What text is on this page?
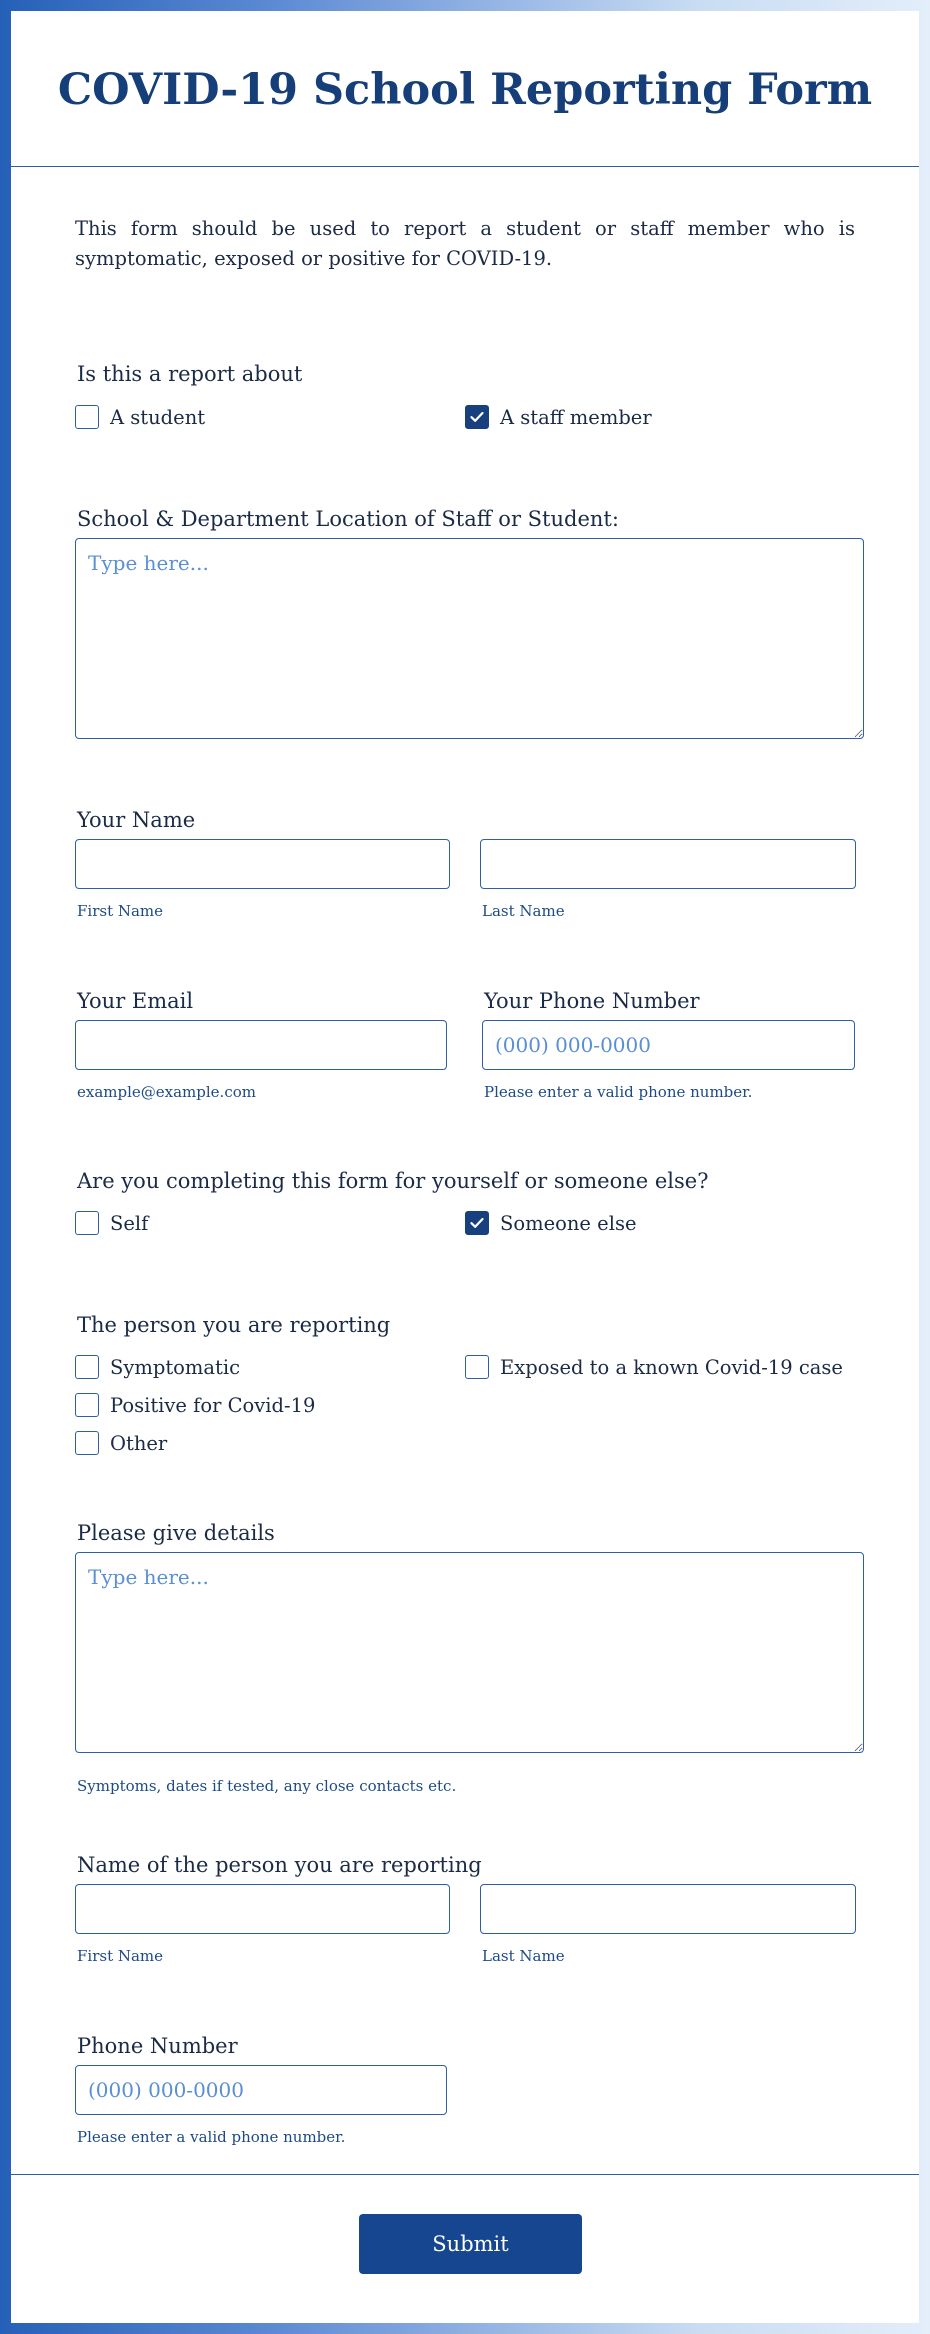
COVID-19 School Reporting Form
This form should be used to report a student or staff member who is symptomatic, exposed or positive for COVID-19.
Is this a report about
A student	A staff member
School & Department Location of Staff or Student:
Type here...
Your Name
First Name	Last Name
Your Email
example@example.com
Your Phone Number
(000) 000-0000
Please enter a valid phone number.
Are you completing this form for yourself or someone else?
Self	Someone else
The person you are reporting
Symptomatic	Exposed to a known Covid-19 case
Positive for Covid-19
Other
Please give details
Type here...
Symptoms, dates if tested, any close contacts etc.
Name of the person you are reporting
First Name	Last Name
Phone Number
(000) 000-0000
Please enter a valid phone number.
Submit
